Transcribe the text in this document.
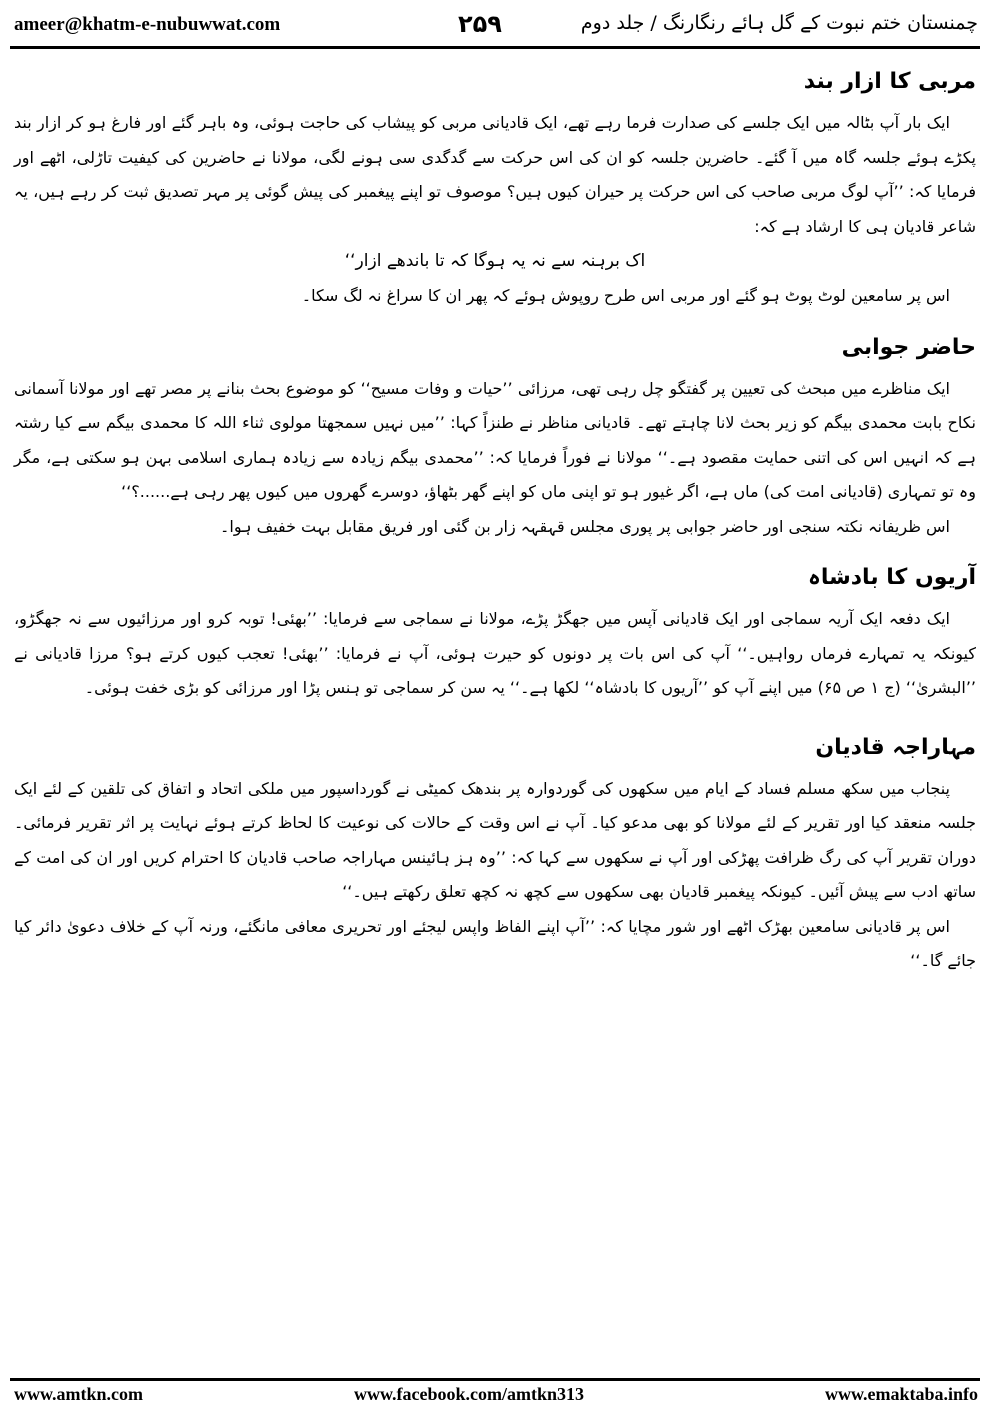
ameer@khatm-e-nubuwwat.com	۲۵۹	چمنستان ختم نبوت کے گل ہائے رنگارنگ / جلد دوم
مربی کا ازار بند

ایک بار آپ بٹالہ میں ایک جلسے کی صدارت فرما رہے تھے، ایک قادیانی مربی کو پیشاب کی حاجت ہوئی، وہ باہر گئے اور فارغ ہو کر ازار بند پکڑے ہوئے جلسہ گاہ میں آ گئے۔ حاضرین جلسہ کو ان کی اس حرکت سے گدگدی سی ہونے لگی، مولانا نے حاضرین کی کیفیت تاڑلی، اٹھے اور فرمایا کہ: ’’آپ لوگ مربی صاحب کی اس حرکت پر حیران کیوں ہیں؟ موصوف تو اپنے پیغمبر کی پیش گوئی پر مہر تصدیق ثبت کر رہے ہیں، یہ شاعر قادیان ہی کا ارشاد ہے کہ:

اک برہنہ سے نہ یہ ہوگا کہ تا باندھے ازار‘‘

اس پر سامعین لوٹ پوٹ ہو گئے اور مربی اس طرح روپوش ہوئے کہ پھر ان کا سراغ نہ لگ سکا۔

حاضر جوابی

ایک مناظرے میں مبحث کی تعیین پر گفتگو چل رہی تھی، مرزائی ’’حیات و وفات مسیح‘‘ کو موضوع بحث بنانے پر مصر تھے اور مولانا آسمانی نکاح بابت محمدی بیگم کو زیر بحث لانا چاہتے تھے۔ قادیانی مناظر نے طنزاً کہا: ’’میں نہیں سمجھتا مولوی ثناء اللہ کا محمدی بیگم سے کیا رشتہ ہے کہ انہیں اس کی اتنی حمایت مقصود ہے۔‘‘ مولانا نے فوراً فرمایا کہ: ’’محمدی بیگم زیادہ سے زیادہ ہماری اسلامی بہن ہو سکتی ہے، مگر وہ تو تمہاری (قادیانی امت کی) ماں ہے، اگر غیور ہو تو اپنی ماں کو اپنے گھر بٹھاؤ، دوسرے گھروں میں کیوں پھر رہی ہے......؟‘‘

اس ظریفانہ نکتہ سنجی اور حاضر جوابی پر پوری مجلس قہقہہ زار بن گئی اور فریق مقابل بہت خفیف ہوا۔

آریوں کا بادشاہ

ایک دفعہ ایک آریہ سماجی اور ایک قادیانی آپس میں جھگڑ پڑے، مولانا نے سماجی سے فرمایا: ’’بھئی! توبہ کرو اور مرزائیوں سے نہ جھگڑو، کیونکہ یہ تمہارے فرماں رواہیں۔‘‘ آپ کی اس بات پر دونوں کو حیرت ہوئی، آپ نے فرمایا: ’’بھئی! تعجب کیوں کرتے ہو؟ مرزا قادیانی نے ’’البشریٰ‘‘ (ج ۱ ص ۶۵) میں اپنے آپ کو ’’آریوں کا بادشاہ‘‘ لکھا ہے۔‘‘ یہ سن کر سماجی تو ہنس پڑا اور مرزائی کو بڑی خفت ہوئی۔

مہاراجہ قادیان

پنجاب میں سکھ مسلم فساد کے ایام میں سکھوں کی گوردوارہ پر بندھک کمیٹی نے گورداسپور میں ملکی اتحاد و اتفاق کی تلقین کے لئے ایک جلسہ منعقد کیا اور تقریر کے لئے مولانا کو بھی مدعو کیا۔ آپ نے اس وقت کے حالات کی نوعیت کا لحاظ کرتے ہوئے نہایت پر اثر تقریر فرمائی۔ دوران تقریر آپ کی رگ ظرافت پھڑکی اور آپ نے سکھوں سے کہا کہ: ’’وہ ہز ہائینس مہاراجہ صاحب قادیان کا احترام کریں اور ان کی امت کے ساتھ ادب سے پیش آئیں۔ کیونکہ پیغمبر قادیان بھی سکھوں سے کچھ نہ کچھ تعلق رکھتے ہیں۔‘‘

اس پر قادیانی سامعین بھڑک اٹھے اور شور مچایا کہ: ’’آپ اپنے الفاظ واپس لیجئے اور تحریری معافی مانگئے، ورنہ آپ کے خلاف دعویٰ دائر کیا جائے گا۔‘‘

www.amtkn.com	www.facebook.com/amtkn313	www.emaktaba.info
